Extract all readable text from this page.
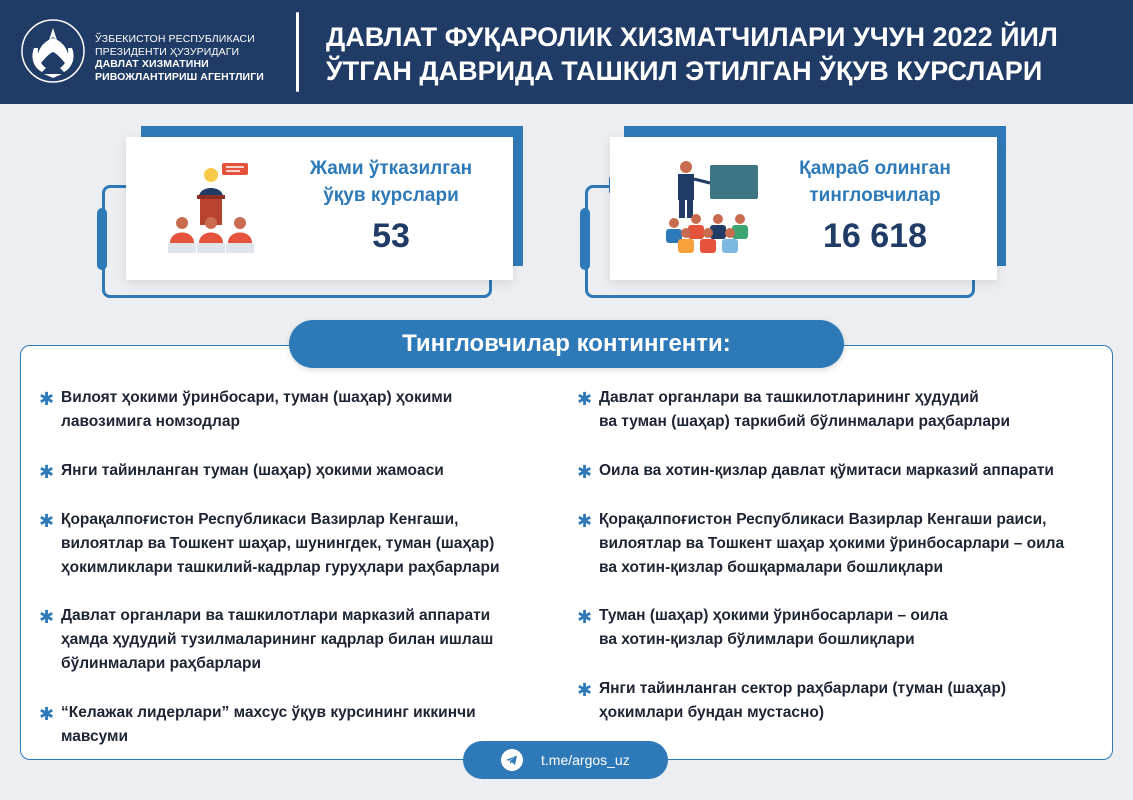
ЎЗБЕКИСТОН РЕСПУБЛИКАСИ
ПРЕЗИДЕНТИ ҲУЗУРИДАГИ
ДАВЛАТ ХИЗМАТИНИ
РИВОЖЛАНТИРИШ АГЕНТЛИГИ
ДАВЛАТ ФУҚАРОЛИК ХИЗМАТЧИЛАРИ УЧУН 2022 ЙИЛ
ЎТГАН ДАВРИДА ТАШКИЛ ЭТИЛГАН ЎҚУВ КУРСЛАРИ
Жами ўтказилган
ўқув курслари
53
Қамраб олинган
тингловчилар
16 618
Тингловчилар контингенти:
✱ Вилоят ҳокими ўринбосари, туман (шаҳар) ҳокими
лавозимига номзодлар
✱ Янги тайинланган туман (шаҳар) ҳокими жамоаси
✱ Қорақалпоғистон Республикаси Вазирлар Кенгаши,
вилоятлар ва Тошкент шаҳар, шунингдек, туман (шаҳар)
ҳокимликлари ташкилий-кадрлар гуруҳлари раҳбарлари
✱ Давлат органлари ва ташкилотлари марказий аппарати
ҳамда ҳудудий тузилмаларининг кадрлар билан ишлаш
бўлинмалари раҳбарлари
✱ “Келажак лидерлари” махсус ўқув курсининг иккинчи
мавсуми
✱ Давлат органлари ва ташкилотларининг ҳудудий
ва туман (шаҳар) таркибий бўлинмалари раҳбарлари
✱ Оила ва хотин-қизлар давлат қўмитаси марказий аппарати
✱ Қорақалпоғистон Республикаси Вазирлар Кенгаши раиси,
вилоятлар ва Тошкент шаҳар ҳокими ўринбосарлари – оила
ва хотин-қизлар бошқармалари бошлиқлари
✱ Туман (шаҳар) ҳокими ўринбосарлари – оила
ва хотин-қизлар бўлимлари бошлиқлари
✱ Янги тайинланган сектор раҳбарлари (туман (шаҳар)
ҳокимлари бундан мустасно)
t.me/argos_uz
